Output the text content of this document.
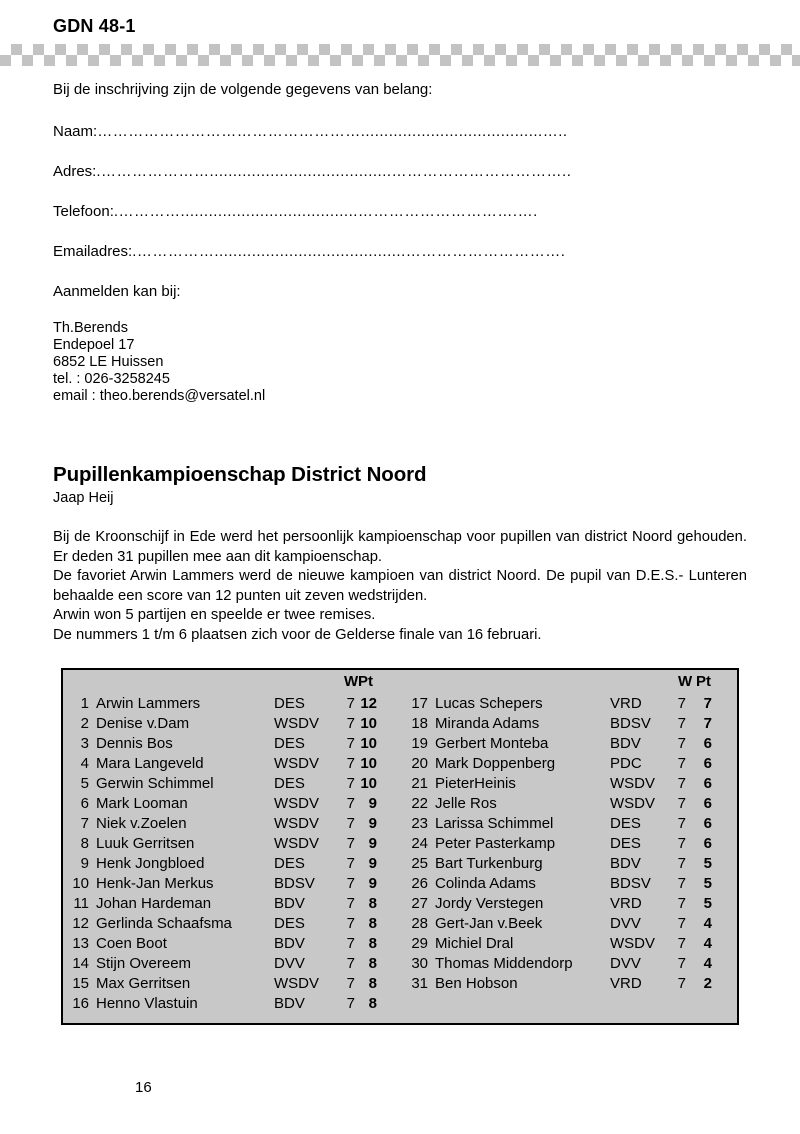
GDN 48-1

Bij de inschrijving zijn de volgende gegevens van belang:

Naam:…………………………………………….......................................…..
Adres:.………………….......................................……………………………..
Telefoon:.…………......................................………………………….….
Emailadres:.…………….........................................………………………….

Aanmelden kan bij:

Th.Berends
Endepoel 17
6852 LE Huissen
tel. : 026-3258245
email : theo.berends@versatel.nl
Pupillenkampioenschap District Noord
Jaap Heij

Bij de Kroonschijf in Ede werd het persoonlijk kampioenschap voor pupillen van district Noord gehouden. Er deden 31 pupillen mee aan dit kampioenschap.

De favoriet Arwin Lammers werd de nieuwe kampioen van district Noord. De pupil van D.E.S.- Lunteren behaalde een score van 12 punten uit zeven wedstrijden.

Arwin won 5 partijen en speelde er twee remises.

De nummers 1 t/m 6 plaatsen zich voor de Gelderse finale van 16 februari.

W Pt
1 Arwin Lammers	DES	7 12
2 Denise v.Dam	WSDV 7 10
3 Dennis Bos	DES	7 10
4 Mara Langeveld	WSDV 7 10
5 Gerwin Schimmel	DES	7 10
6 Mark Looman	WSDV 7 9
7 Niek v.Zoelen	WSDV 7 9
8 Luuk Gerritsen	WSDV 7 9
9 Henk Jongbloed	DES	7 9
10 Henk-Jan Merkus	BDSV 7 9
11 Johan Hardeman	BDV	7 8
12 Gerlinda Schaafsma	DES	7 8
13 Coen Boot	BDV	7 8
14 Stijn Overeem	DVV	7 8
15 Max Gerritsen	WSDV 7 8
16 Henno Vlastuin	BDV	7 8
W Pt
17 Lucas Schepers	VRD 7	7
18 Miranda Adams	BDSV 7	7
19 Gerbert Monteba	BDV 7	6
20 Mark Doppenberg	PDC 7	6
21 PieterHeinis	WSDV 7	6
22 Jelle Ros	WSDV 7	6
23 Larissa Schimmel	DES 7	6
24 Peter Pasterkamp	DES 7	6
25 Bart Turkenburg	BDV 7	5
26 Colinda Adams	BDSV 7	5
27 Jordy Verstegen	VRD 7	5
28 Gert-Jan v.Beek	DVV 7	4
29 Michiel Dral	WSDV 7	4
30 Thomas Middendorp DVV 7	4
31 Ben Hobson	VRD 7	2
16
